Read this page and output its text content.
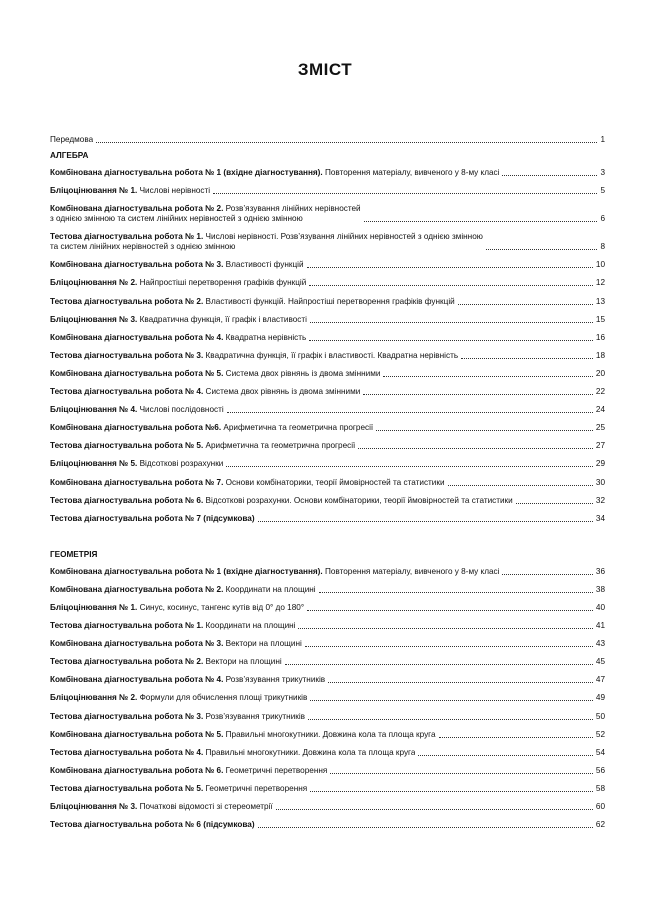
ЗМІСТ
Передмова	1
АЛГЕБРА
Комбінована діагностувальна робота № 1 (вхідне діагностування). Повторення матеріалу, вивченого у 8-му класі	3
Бліцоцінювання № 1. Числові нерівності	5
Комбінована діагностувальна робота № 2. Розв’язування лінійних нерівностей
з однією змінною та систем лінійних нерівностей з однією змінною	6
Тестова діагностувальна робота № 1. Числові нерівності. Розв’язування лінійних нерівностей з однією змінною
та систем лінійних нерівностей з однією змінною	8
Комбінована діагностувальна робота № 3. Властивості функцій	10
Бліцоцінювання № 2. Найпростіші перетворення графіків функцій	12
Тестова діагностувальна робота № 2. Властивості функцій. Найпростіші перетворення графіків функцій	13
Бліцоцінювання № 3. Квадратична функція, її графік і властивості	15
Комбінована діагностувальна робота № 4. Квадратна нерівність	16
Тестова діагностувальна робота № 3. Квадратична функція, її графік і властивості. Квадратна нерівність	18
Комбінована діагностувальна робота № 5. Система двох рівнянь із двома змінними	20
Тестова діагностувальна робота № 4. Система двох рівнянь із двома змінними	22
Бліцоцінювання № 4. Числові послідовності	24
Комбінована діагностувальна робота №6. Арифметична та геометрична прогресії	25
Тестова діагностувальна робота № 5. Арифметична та геометрична прогресії	27
Бліцоцінювання № 5. Відсоткові розрахунки	29
Комбінована діагностувальна робота № 7. Основи комбінаторики, теорії ймовірностей та статистики	30
Тестова діагностувальна робота № 6. Відсоткові розрахунки. Основи комбінаторики, теорії ймовірностей та статистики	32
Тестова діагностувальна робота № 7 (підсумкова)	34
ГЕОМЕТРІЯ
Комбінована діагностувальна робота № 1 (вхідне діагностування). Повторення матеріалу, вивченого у 8-му класі	36
Комбінована діагностувальна робота № 2. Координати на площині	38
Бліцоцінювання № 1. Синус, косинус, тангенс кутів від 0° до 180°	40
Тестова діагностувальна робота № 1. Координати на площині	41
Комбінована діагностувальна робота № 3. Вектори на площині	43
Тестова діагностувальна робота № 2. Вектори на площині	45
Комбінована діагностувальна робота № 4. Розв’язування трикутників	47
Бліцоцінювання № 2. Формули для обчислення площі трикутників	49
Тестова діагностувальна робота № 3. Розв’язування трикутників	50
Комбінована діагностувальна робота № 5. Правильні многокутники. Довжина кола та площа круга	52
Тестова діагностувальна робота № 4. Правильні многокутники. Довжина кола та площа круга	54
Комбінована діагностувальна робота № 6. Геометричні перетворення	56
Тестова діагностувальна робота № 5. Геометричні перетворення	58
Бліцоцінювання № 3. Початкові відомості зі стереометрії	60
Тестова діагностувальна робота № 6 (підсумкова)	62
